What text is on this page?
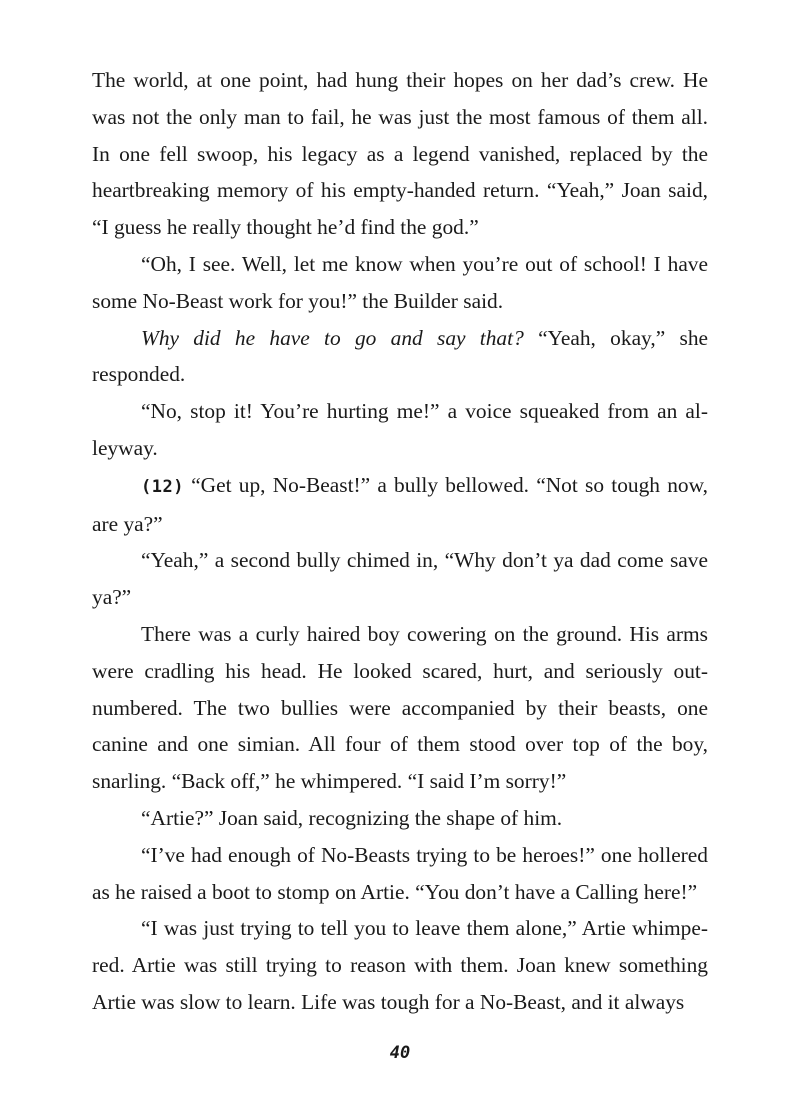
The world, at one point, had hung their hopes on her dad’s crew. He was not the only man to fail, he was just the most famous of them all. In one fell swoop, his legacy as a legend vanished, replaced by the heartbreaking memory of his empty-handed return. “Yeah,” Joan said, “I guess he really thought he’d find the god.”

“Oh, I see. Well, let me know when you’re out of school! I have some No-Beast work for you!” the Builder said.

Why did he have to go and say that? “Yeah, okay,” she responded.

“No, stop it! You’re hurting me!” a voice squeaked from an alleyway.

(12) “Get up, No-Beast!” a bully bellowed. “Not so tough now, are ya?”

“Yeah,” a second bully chimed in, “Why don’t ya dad come save ya?”

There was a curly haired boy cowering on the ground. His arms were cradling his head. He looked scared, hurt, and seriously outnumbered. The two bullies were accompanied by their beasts, one canine and one simian. All four of them stood over top of the boy, snarling. “Back off,” he whimpered. “I said I’m sorry!”

“Artie?” Joan said, recognizing the shape of him.

“I’ve had enough of No-Beasts trying to be heroes!” one hollered as he raised a boot to stomp on Artie. “You don’t have a Calling here!”

“I was just trying to tell you to leave them alone,” Artie whimpered. Artie was still trying to reason with them. Joan knew something Artie was slow to learn. Life was tough for a No-Beast, and it always

40
